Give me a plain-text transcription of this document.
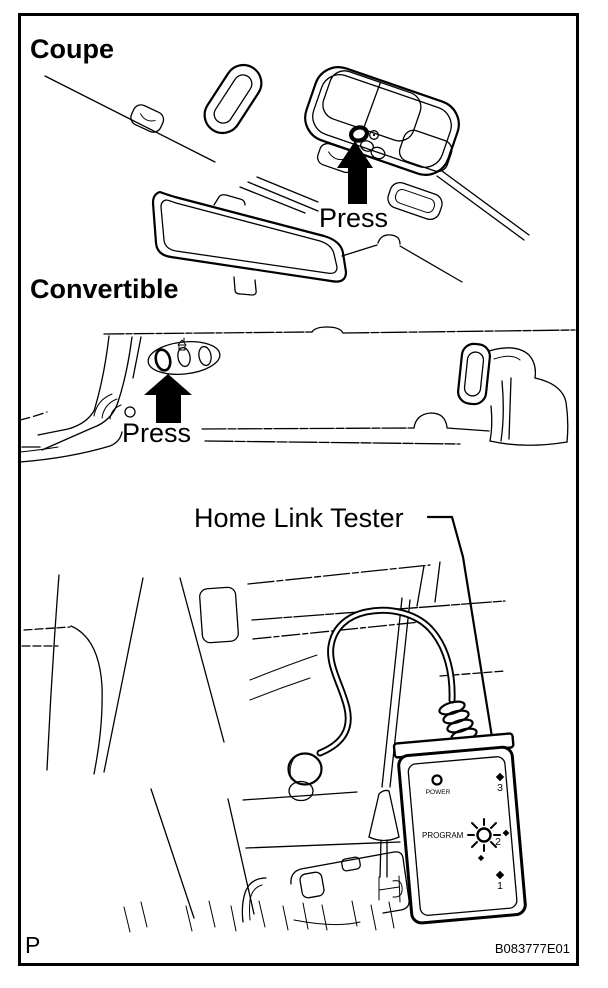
Coupe
Press
Convertible
Press
POWER
PROGRAM
3
2
1
Home Link Tester
P	B083777E01
